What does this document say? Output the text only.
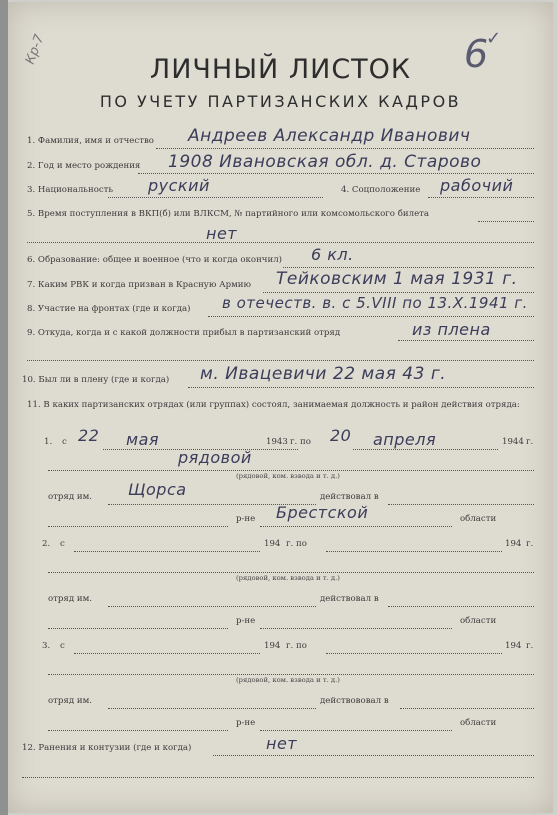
Кр-7	6
✓
ЛИЧНЫЙ ЛИСТОК
ПО УЧЕТУ ПАРТИЗАНСКИХ КАДРОВ
1. Фамилия, имя и отчество Андреев Александр Иванович
2. Год и место рождения 1908 Ивановская обл. д. Старово
3. Национальность руский	4. Соцположение рабочий
5. Время поступления в ВКП(б) или ВЛКСМ, № партийного или комсомольского билета
нет
6. Образование: общее и военное (что и когда окончил) 6 кл.
7. Каким РВК и когда призван в Красную Армию Тейковским 1 мая 1931 г.
8. Участие на фронтах (где и когда) в отечеств. в. с 5.VIII по 13.Х.1941 г.
9. Откуда, когда и с какой должности прибыл в партизанский отряд	из плена
10. Был ли в плену (где и когда) м. Ивацевичи 22 мая 43 г.
11. В каких партизанских отрядах (или группах) состоял, занимаемая должность и район действия отряда:
1. с 22 мая	1943 г. по 20 апреля	1944 г.
рядовой
(рядовой, ком. взвода и т. д.)
отряд им. Щорса	действовал в
р-не Брестской	области
2. с	194 г. по	194 г.
(рядовой, ком. взвода и т. д.)
отряд им.	действовал в
р-не	области
3. с	194 г. по	194 г.
(рядовой, ком. взвода и т. д.)
отряд им.	действововал в
р-не	области
12. Ранения и контузии (где и когда)	нет
